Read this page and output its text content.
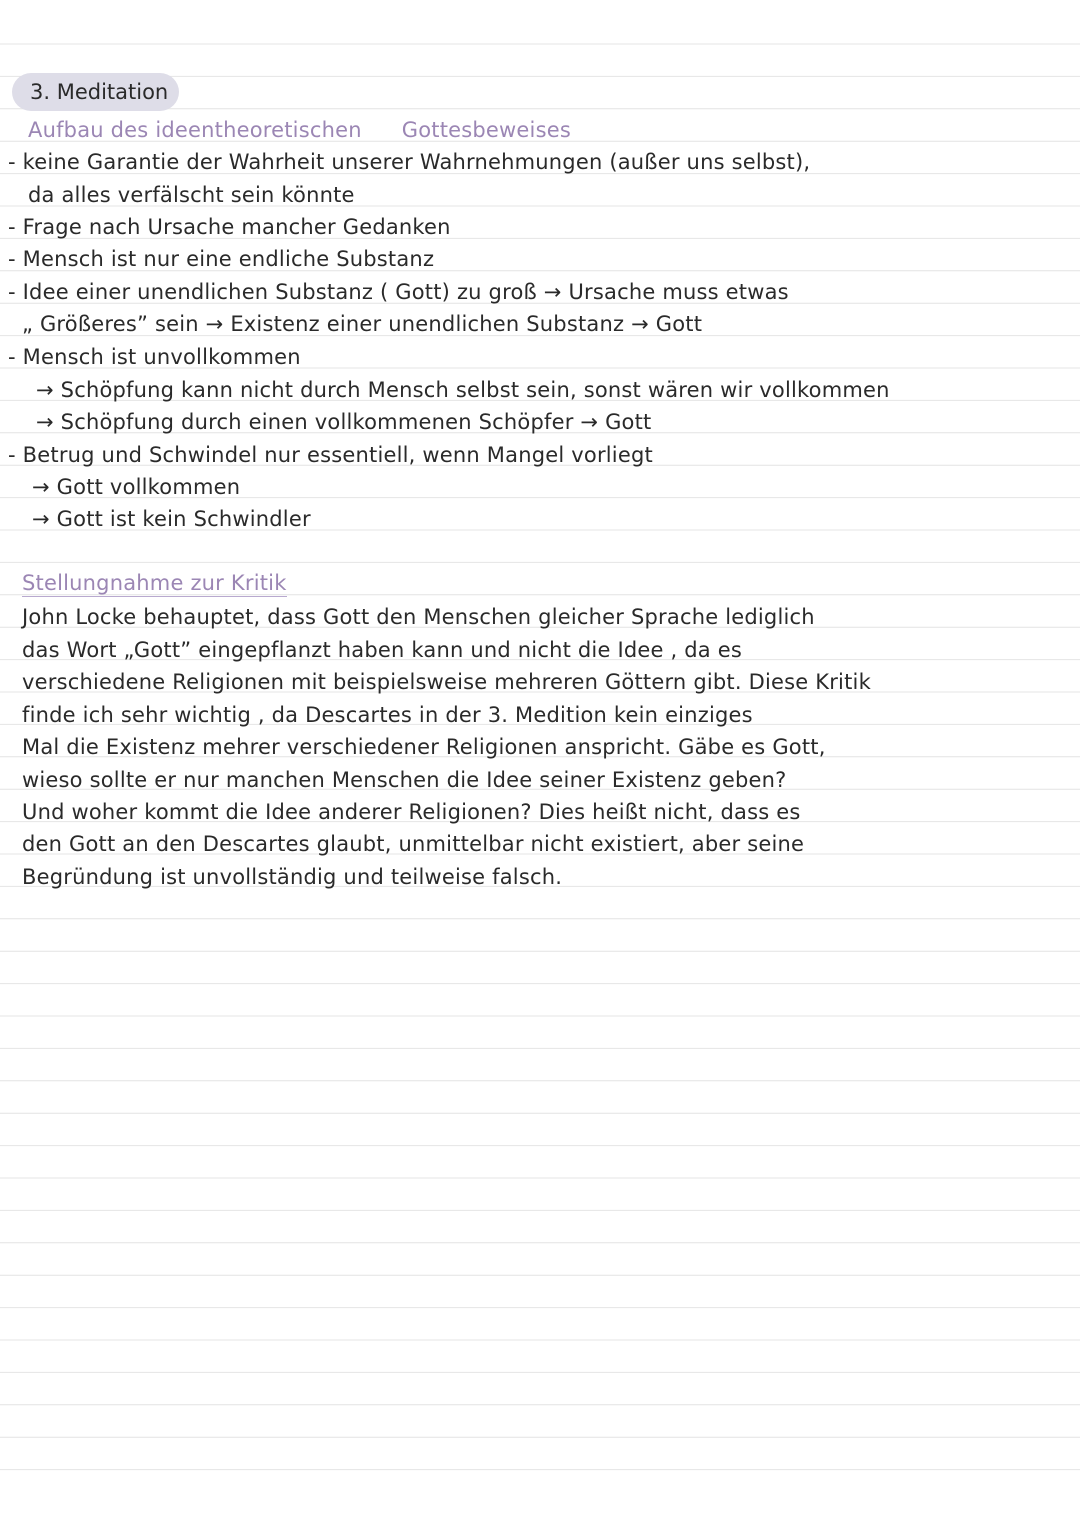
3. Meditation
Aufbau des ideentheoretischen Gottesbeweises
- keine Garantie der Wahrheit unserer Wahrnehmungen (außer uns selbst),
da alles verfälscht sein könnte
- Frage nach Ursache mancher Gedanken
- Mensch ist nur eine endliche Substanz
- Idee einer unendlichen Substanz ( Gott) zu groß → Ursache muss etwas
„ Größeres” sein → Existenz einer unendlichen Substanz → Gott
- Mensch ist unvollkommen
→ Schöpfung kann nicht durch Mensch selbst sein, sonst wären wir vollkommen
→ Schöpfung durch einen vollkommenen Schöpfer → Gott
- Betrug und Schwindel nur essentiell, wenn Mangel vorliegt
→ Gott vollkommen
→ Gott ist kein Schwindler
Stellungnahme zur Kritik
John Locke behauptet, dass Gott den Menschen gleicher Sprache lediglich
das Wort „Gott” eingepflanzt haben kann und nicht die Idee , da es
verschiedene Religionen mit beispielsweise mehreren Göttern gibt. Diese Kritik
finde ich sehr wichtig , da Descartes in der 3. Medition kein einziges
Mal die Existenz mehrer verschiedener Religionen anspricht. Gäbe es Gott,
wieso sollte er nur manchen Menschen die Idee seiner Existenz geben?
Und woher kommt die Idee anderer Religionen? Dies heißt nicht, dass es
den Gott an den Descartes glaubt, unmittelbar nicht existiert, aber seine
Begründung ist unvollständig und teilweise falsch.
